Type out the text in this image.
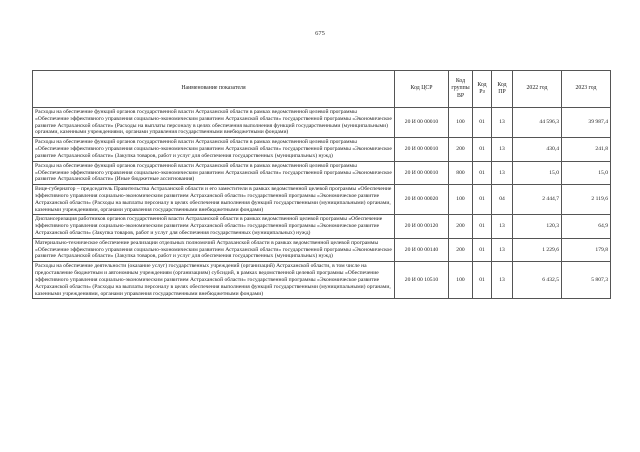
675
Наименование показателя	Код ЦСР	Код группы ВР	Код Рз	Код ПР	2022 год	2023 год
Расходы на обеспечение функций органов государственной власти Астраханской области в рамках ведомственной целевой программы «Обеспечение эффективного управления социально-экономическим развитием Астраханской области» государственной программы «Экономическое развитие Астраханской области» (Расходы на выплаты персоналу в целях обеспечения выполнения функций государственными (муниципальными) органами, казенными учреждениями, органами управления государственными внебюджетными фондами)	20 И 00 00010	100	01	13	44 596,3	39 987,4
Расходы на обеспечение функций органов государственной власти Астраханской области в рамках ведомственной целевой программы «Обеспечение эффективного управления социально-экономическим развитием Астраханской области» государственной программы «Экономическое развитие Астраханской области» (Закупка товаров, работ и услуг для обеспечения государственных (муниципальных) нужд)	20 И 00 00010	200	01	13	430,4	241,8
Расходы на обеспечение функций органов государственной власти Астраханской области в рамках ведомственной целевой программы «Обеспечение эффективного управления социально-экономическим развитием Астраханской области» государственной программы «Экономическое развитие Астраханской области» (Иные бюджетные ассигнования)	20 И 00 00010	800	01	13	15,0	15,0
Вице-губернатор – председатель Правительства Астраханской области и его заместители в рамках ведомственной целевой программы «Обеспечение эффективного управления социально-экономическим развитием Астраханской области» государственной программы «Экономическое развитие Астраханской области» (Расходы на выплаты персоналу в целях обеспечения выполнения функций государственными (муниципальными) органами, казенными учреждениями, органами управления государственными внебюджетными фондами)	20 И 00 00020	100	01	04	2 444,7	2 119,6
Диспансеризация работников органов государственной власти Астраханской области в рамках ведомственной целевой программы «Обеспечение эффективного управления социально-экономическим развитием Астраханской области» государственной программы «Экономическое развитие Астраханской области» (Закупка товаров, работ и услуг для обеспечения государственных (муниципальных) нужд)	20 И 00 00120	200	01	13	120,3	64,9
Материально-техническое обеспечение реализации отдельных полномочий Астраханской области в рамках ведомственной целевой программы «Обеспечение эффективного управления социально-экономическим развитием Астраханской области» государственной программы «Экономическое развитие Астраханской области» (Закупка товаров, работ и услуг для обеспечения государственных (муниципальных) нужд)	20 И 00 00140	200	01	13	1 229,6	179,8
Расходы на обеспечение деятельности (оказание услуг) государственных учреждений (организаций) Астраханской области, в том числе на предоставление бюджетным и автономным учреждениям (организациям) субсидий, в рамках ведомственной целевой программы «Обеспечение эффективного управления социально-экономическим развитием Астраханской области» государственной программы «Экономическое развитие Астраханской области» (Расходы на выплаты персоналу в целях обеспечения выполнения функций государственными (муниципальными) органами, казенными учреждениями, органами управления государственными внебюджетными фондами)	20 И 00 10510	100	01	13	6 432,5	5 807,3
